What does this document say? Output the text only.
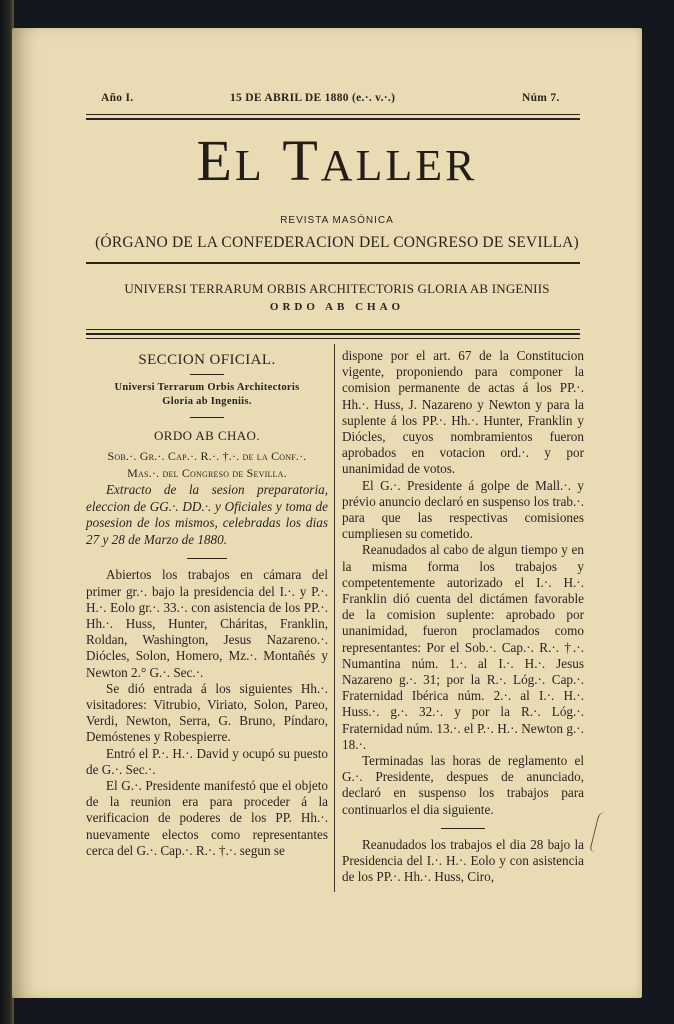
Año I.	15 DE ABRIL DE 1880 (e.·. v.·.)	Núm 7.
EL TALLER
REVISTA MASÓNICA
(ÓRGANO DE LA CONFEDERACION DEL CONGRESO DE SEVILLA)
UNIVERSI TERRARUM ORBIS ARCHITECTORIS GLORIA AB INGENIIS
ORDO AB CHAO
SECCION OFICIAL.
Universi Terrarum Orbis Architectoris
Gloria ab Ingeniis.
ORDO AB CHAO.
Sob.·. Gr.·. Cap.·. R.·. †.·. de la Conf.·.
Mas.·. del Congreso de Sevilla.

Extracto de la sesion preparatoria, eleccion de GG.·. DD.·. y Oficiales y toma de posesion de los mismos, celebradas los dias 27 y 28 de Marzo de 1880.

Abiertos los trabajos en cámara del primer gr.·. bajo la presidencia del I.·. y P.·. H.·. Eolo gr.·. 33.·. con asistencia de los PP.·. Hh.·. Huss, Hunter, Cháritas, Franklin, Roldan, Washington, Jesus Nazareno.·. Diócles, Solon, Homero, Mz.·. Montañés y Newton 2.° G.·. Sec.·.

Se dió entrada á los siguientes Hh.·. visitadores: Vitrubio, Viriato, Solon, Pareo, Verdi, Newton, Serra, G. Bruno, Píndaro, Demóstenes y Robespierre.

Entró el P.·. H.·. David y ocupó su puesto de G.·. Sec.·.

El G.·. Presidente manifestó que el objeto de la reunion era para proceder á la verificacion de poderes de los PP. Hh.·. nuevamente electos como representantes cerca del G.·. Cap.·. R.·. †.·. segun se

dispone por el art. 67 de la Constitucion vigente, proponiendo para componer la comision permanente de actas á los PP.·. Hh.·. Huss, J. Nazareno y Newton y para la suplente á los PP.·. Hh.·. Hunter, Franklin y Diócles, cuyos nombramientos fueron aprobados en votacion ord.·. y por unanimidad de votos.

El G.·. Presidente á golpe de Mall.·. y prévio anuncio declaró en suspenso los trab.·. para que las respectivas comisiones cumpliesen su cometido.

Reanudados al cabo de algun tiempo y en la misma forma los trabajos y competentemente autorizado el I.·. H.·. Franklin dió cuenta del dictámen favorable de la comision suplente: aprobado por unanimidad, fueron proclamados como representantes: Por el Sob.·. Cap.·. R.·. †.·. Numantina núm. 1.·. al I.·. H.·. Jesus Nazareno g.·. 31; por la R.·. Lóg.·. Cap.·. Fraternidad Ibérica núm. 2.·. al I.·. H.·. Huss.·. g.·. 32.·. y por la R.·. Lóg.·. Fraternidad núm. 13.·. el P.·. H.·. Newton g.·. 18.·.

Terminadas las horas de reglamento el G.·. Presidente, despues de anunciado, declaró en suspenso los trabajos para continuarlos el dia siguiente.

Reanudados los trabajos el dia 28 bajo la Presidencia del I.·. H.·. Eolo y con asistencia de los PP.·. Hh.·. Huss, Ciro,
